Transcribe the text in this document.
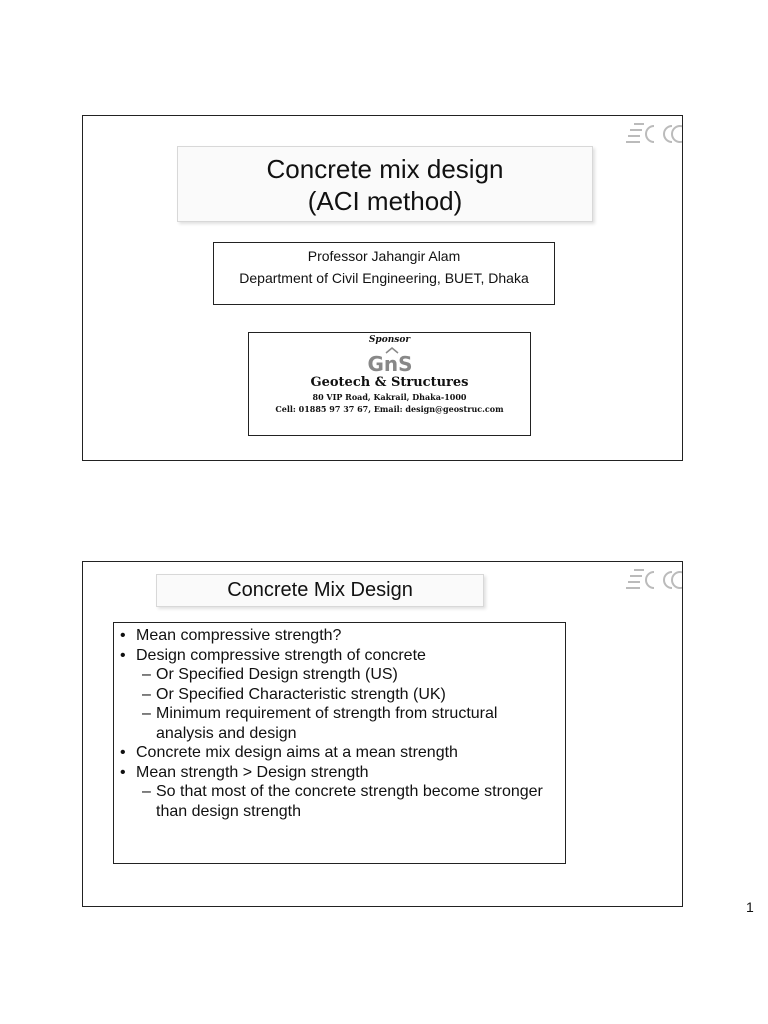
Concrete mix design
(ACI method)
Professor Jahangir Alam
Department of Civil Engineering, BUET, Dhaka
Sponsor
GnS
Geotech & Structures
80 VIP Road, Kakrail, Dhaka-1000
Cell: 01885 97 37 67, Email: design@geostruc.com
Concrete Mix Design
• Mean compressive strength?
• Design compressive strength of concrete
– Or Specified Design strength (US)
– Or Specified Characteristic strength (UK)
– Minimum requirement of strength from structural analysis and design
• Concrete mix design aims at a mean strength
• Mean strength > Design strength
– So that most of the concrete strength become stronger than design strength
1
